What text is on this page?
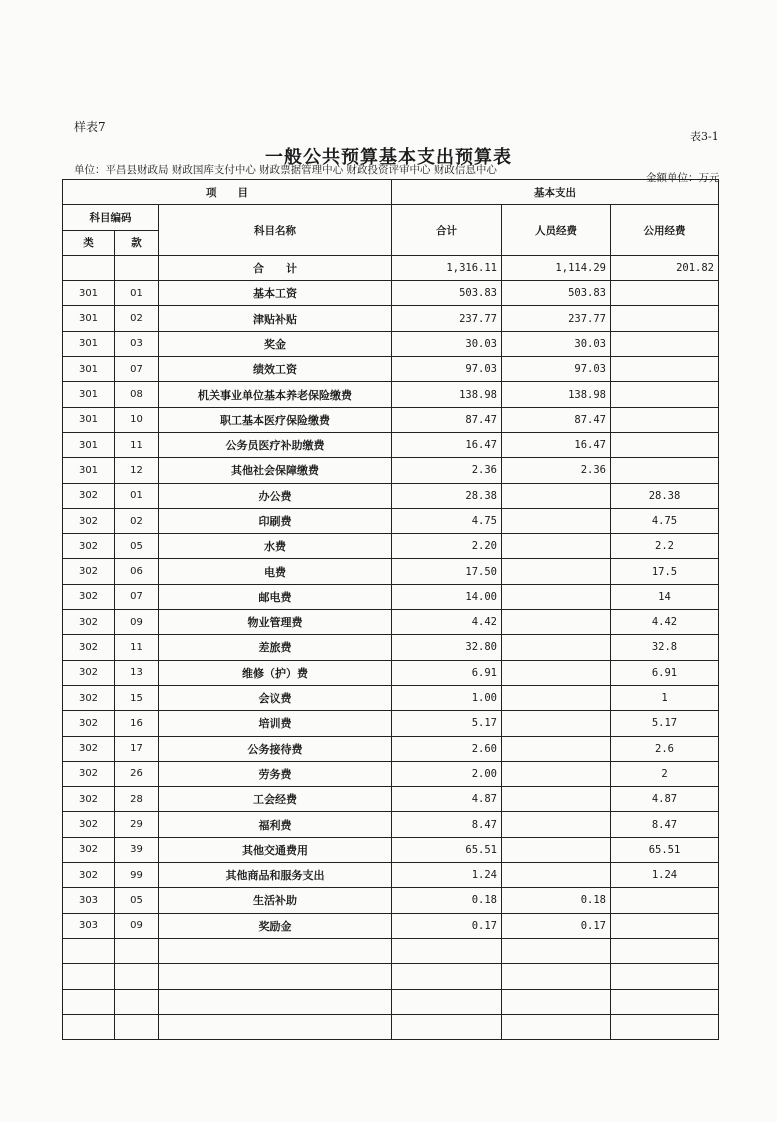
样表7
表3-1
一般公共预算基本支出预算表
单位：平昌县财政局 财政国库支付中心 财政票据管理中心 财政投资评审中心 财政信息中心
金额单位：万元
项　　目			基本支出		
科目编码		科目名称	合计	人员经费	公用经费
类	款				
		合　　计	1,316.11	1,114.29	201.82
301	01	基本工资	503.83	503.83	
301	02	津贴补贴	237.77	237.77	
301	03	奖金	30.03	30.03	
301	07	绩效工资	97.03	97.03	
301	08	机关事业单位基本养老保险缴费	138.98	138.98	
301	10	职工基本医疗保险缴费	87.47	87.47	
301	11	公务员医疗补助缴费	16.47	16.47	
301	12	其他社会保障缴费	2.36	2.36	
302	01	办公费	28.38		28.38
302	02	印刷费	4.75		4.75
302	05	水费	2.20		2.2
302	06	电费	17.50		17.5
302	07	邮电费	14.00		14
302	09	物业管理费	4.42		4.42
302	11	差旅费	32.80		32.8
302	13	维修（护）费	6.91		6.91
302	15	会议费	1.00		1
302	16	培训费	5.17		5.17
302	17	公务接待费	2.60		2.6
302	26	劳务费	2.00		2
302	28	工会经费	4.87		4.87
302	29	福利费	8.47		8.47
302	39	其他交通费用	65.51		65.51
302	99	其他商品和服务支出	1.24		1.24
303	05	生活补助	0.18	0.18	
303	09	奖励金	0.17	0.17	
